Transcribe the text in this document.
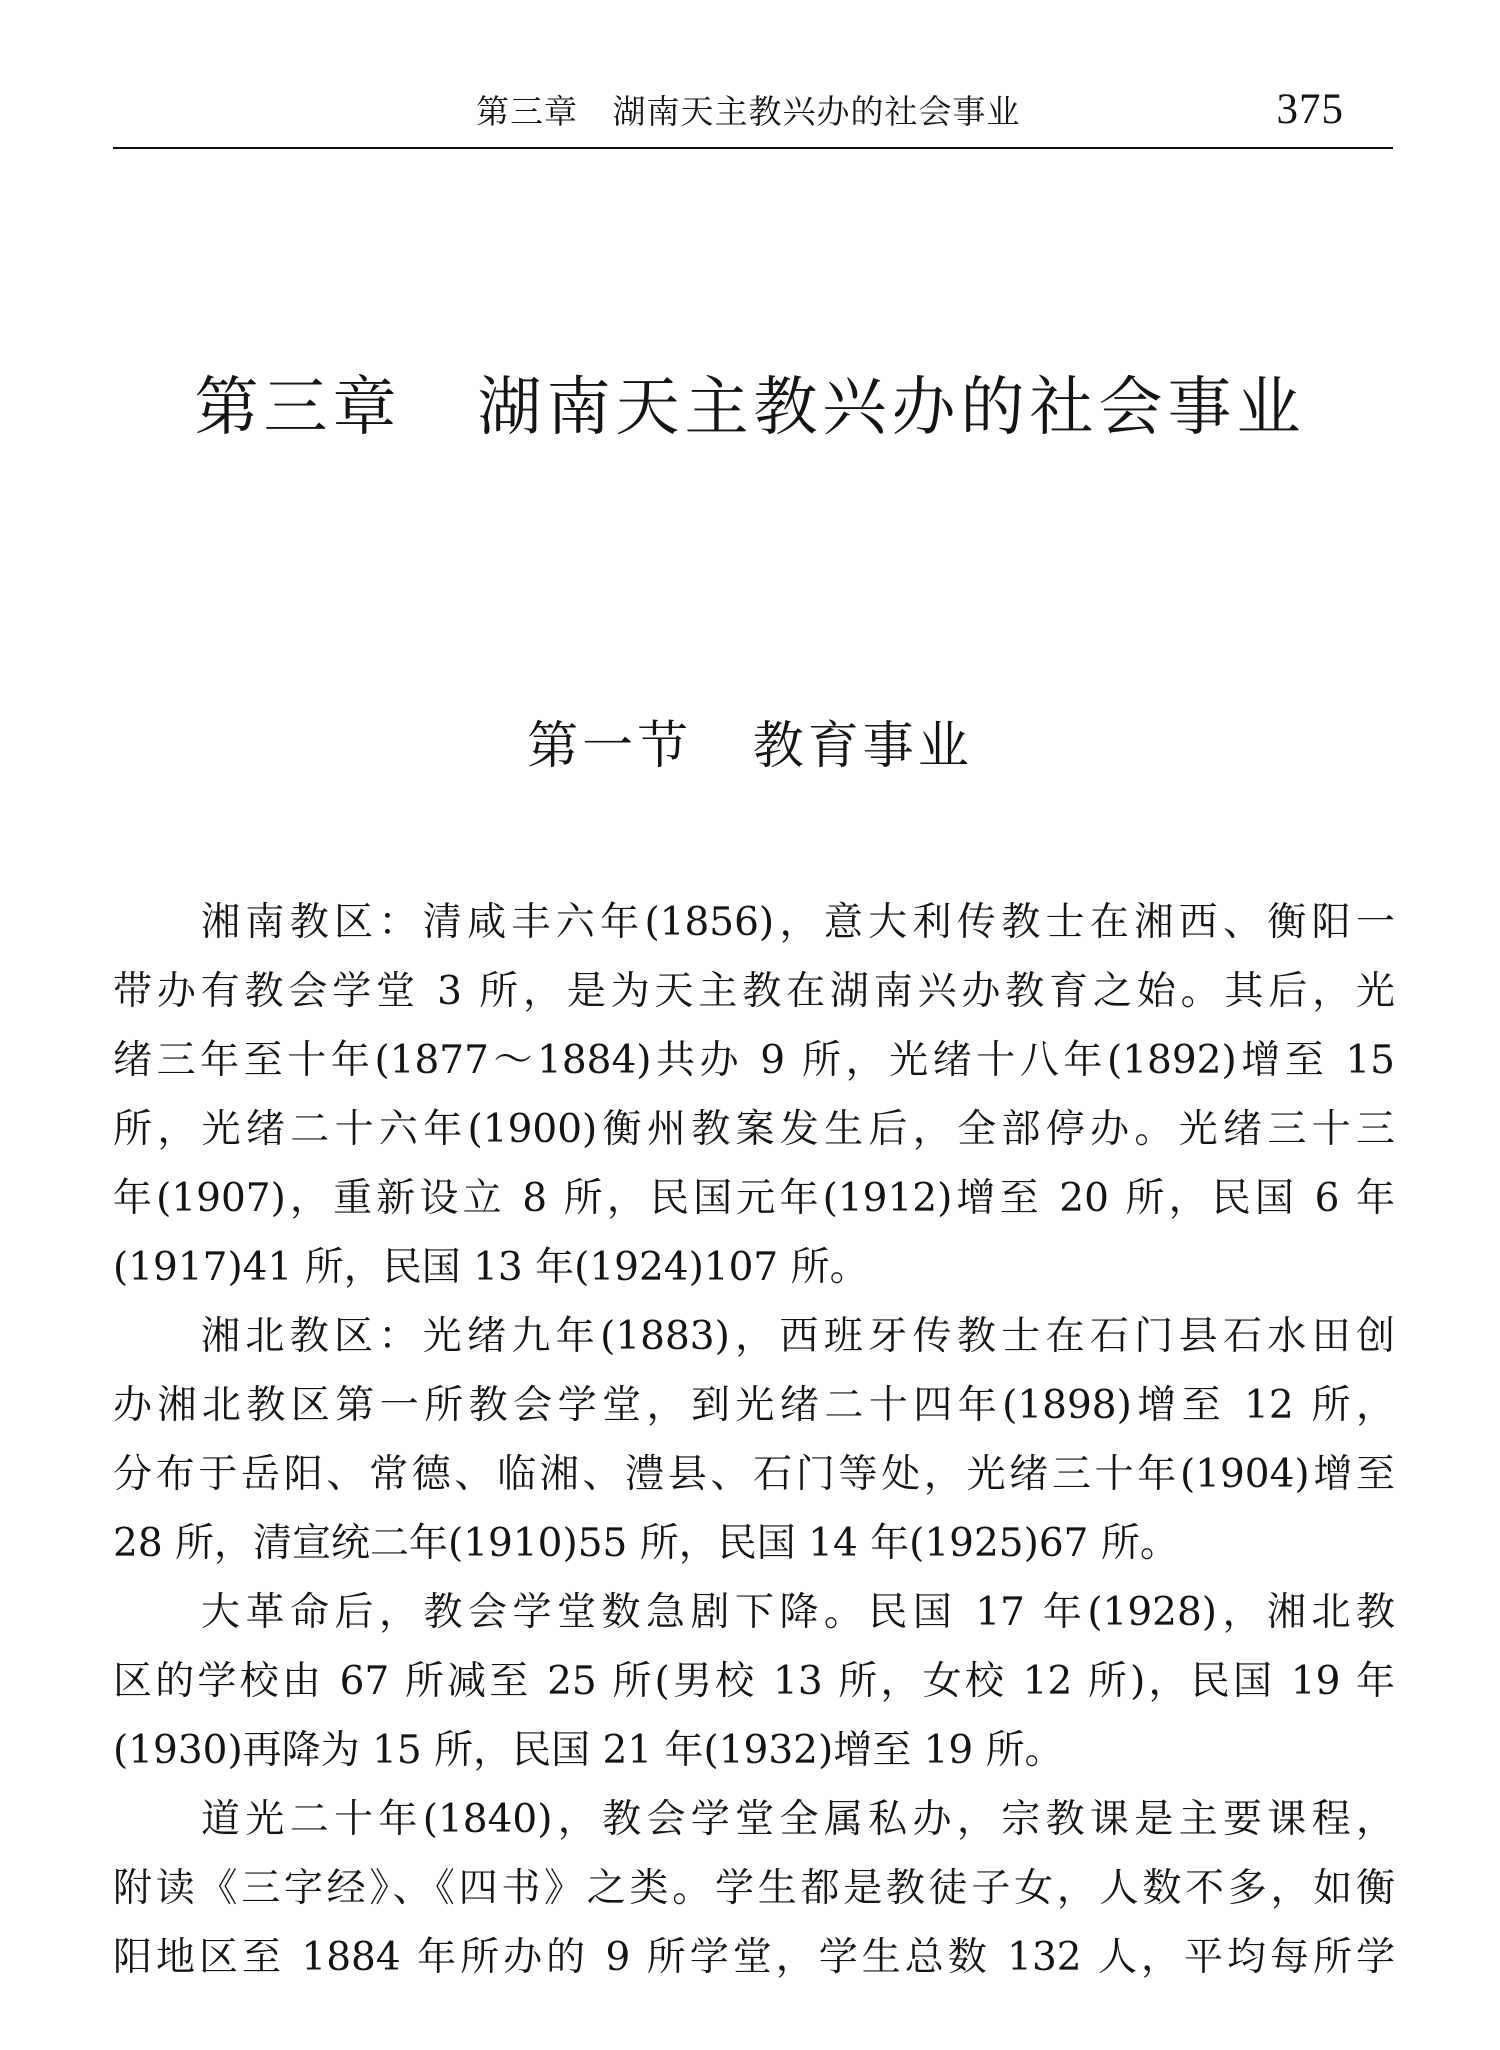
第三章   湖南天主教兴办的社会事业	375
第三章   湖南天主教兴办的社会事业
第一节   教育事业
湘南教区：清咸丰六年(1856)，意大利传教士在湘西、衡阳一
带办有教会学堂 3 所，是为天主教在湖南兴办教育之始。其后，光
绪三年至十年(1877～1884)共办 9 所，光绪十八年(1892)增至 15
所，光绪二十六年(1900)衡州教案发生后，全部停办。光绪三十三
年(1907)，重新设立 8 所，民国元年(1912)增至 20 所，民国 6 年
(1917)41 所，民国 13 年(1924)107 所。
湘北教区：光绪九年(1883)，西班牙传教士在石门县石水田创
办湘北教区第一所教会学堂，到光绪二十四年(1898)增至 12 所，
分布于岳阳、常德、临湘、澧县、石门等处，光绪三十年(1904)增至
28 所，清宣统二年(1910)55 所，民国 14 年(1925)67 所。
大革命后，教会学堂数急剧下降。民国 17 年(1928)，湘北教
区的学校由 67 所减至 25 所(男校 13 所，女校 12 所)，民国 19 年
(1930)再降为 15 所，民国 21 年(1932)增至 19 所。
道光二十年(1840)，教会学堂全属私办，宗教课是主要课程，
附读《三字经》、《四书》之类。学生都是教徒子女，人数不多，如衡
阳地区至 1884 年所办的 9 所学堂，学生总数 132 人，平均每所学
